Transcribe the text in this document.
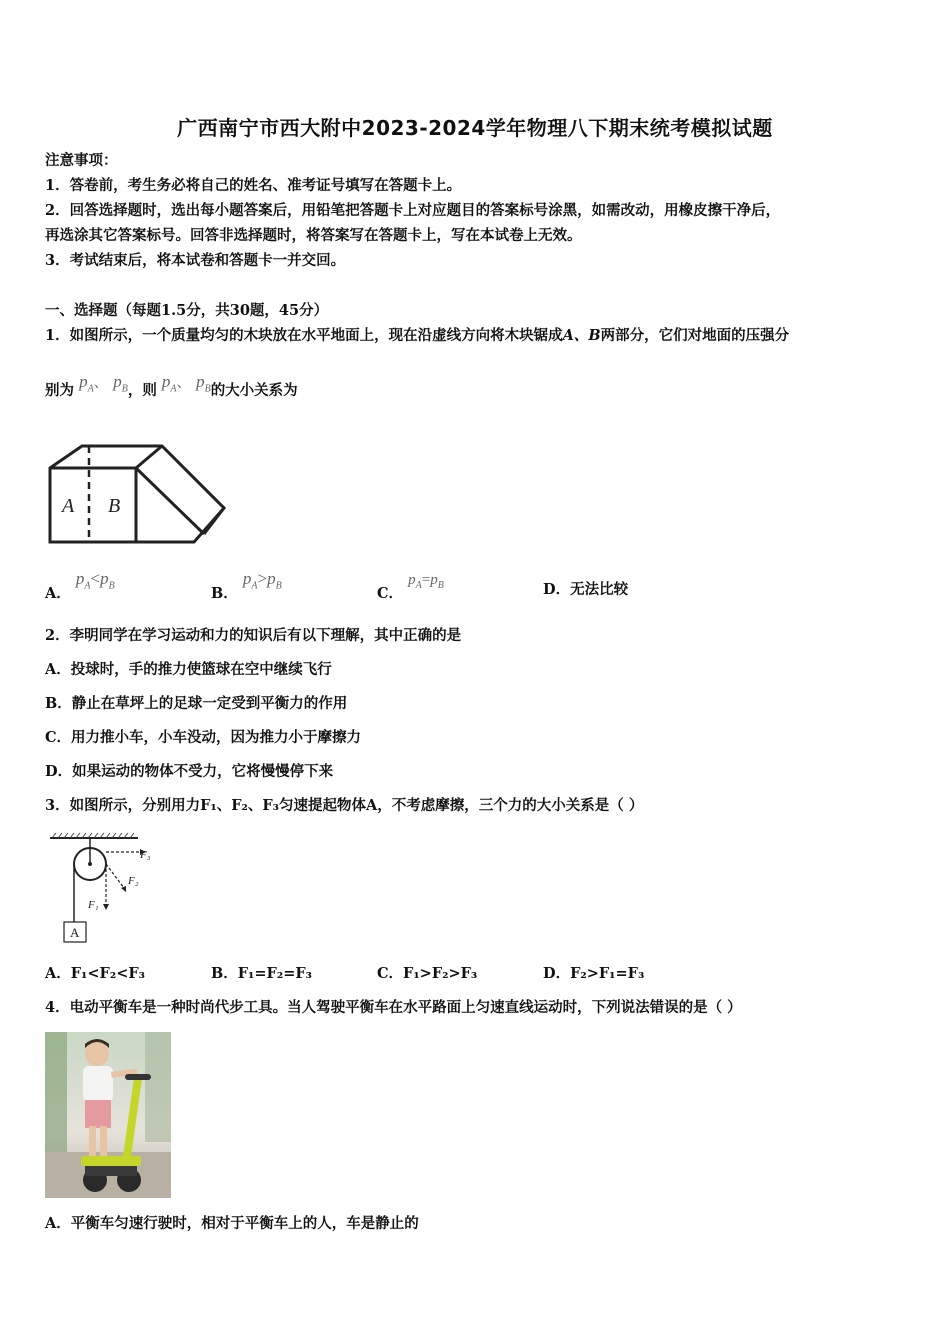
广西南宁市西大附中2023-2024学年物理八下期末统考模拟试题
注意事项：
1．答卷前，考生务必将自己的姓名、准考证号填写在答题卡上。
2．回答选择题时，选出每小题答案后，用铅笔把答题卡上对应题目的答案标号涂黑，如需改动，用橡皮擦干净后，
再选涂其它答案标号。回答非选择题时，将答案写在答题卡上，写在本试卷上无效。
3．考试结束后，将本试卷和答题卡一并交回。
一、选择题（每题1.5分，共30题，45分）
1．如图所示，一个质量均匀的木块放在水平地面上，现在沿虚线方向将木块锯成A、B两部分，它们对地面的压强分
别为 $p_A$、 $p_B$，则 $p_A$、 $p_B$的大小关系为
A B
A． $p_A<p_B$	B． $p_A>p_B$	C． $p_A=p_B$	D．无法比较
2．李明同学在学习运动和力的知识后有以下理解，其中正确的是
A．投球时，手的推力使篮球在空中继续飞行
B．静止在草坪上的足球一定受到平衡力的作用
C．用力推小车，小车没动，因为推力小于摩擦力
D．如果运动的物体不受力，它将慢慢停下来
3．如图所示，分别用力F₁、F₂、F₃匀速提起物体A，不考虑摩擦，三个力的大小关系是（ ）
A
F₃
F₂
F₁
A．F₁<F₂<F₃	B．F₁=F₂=F₃	C．F₁>F₂>F₃	D．F₂>F₁=F₃
4．电动平衡车是一种时尚代步工具。当人驾驶平衡车在水平路面上匀速直线运动时，下列说法错误的是（ ）
A．平衡车匀速行驶时，相对于平衡车上的人，车是静止的
